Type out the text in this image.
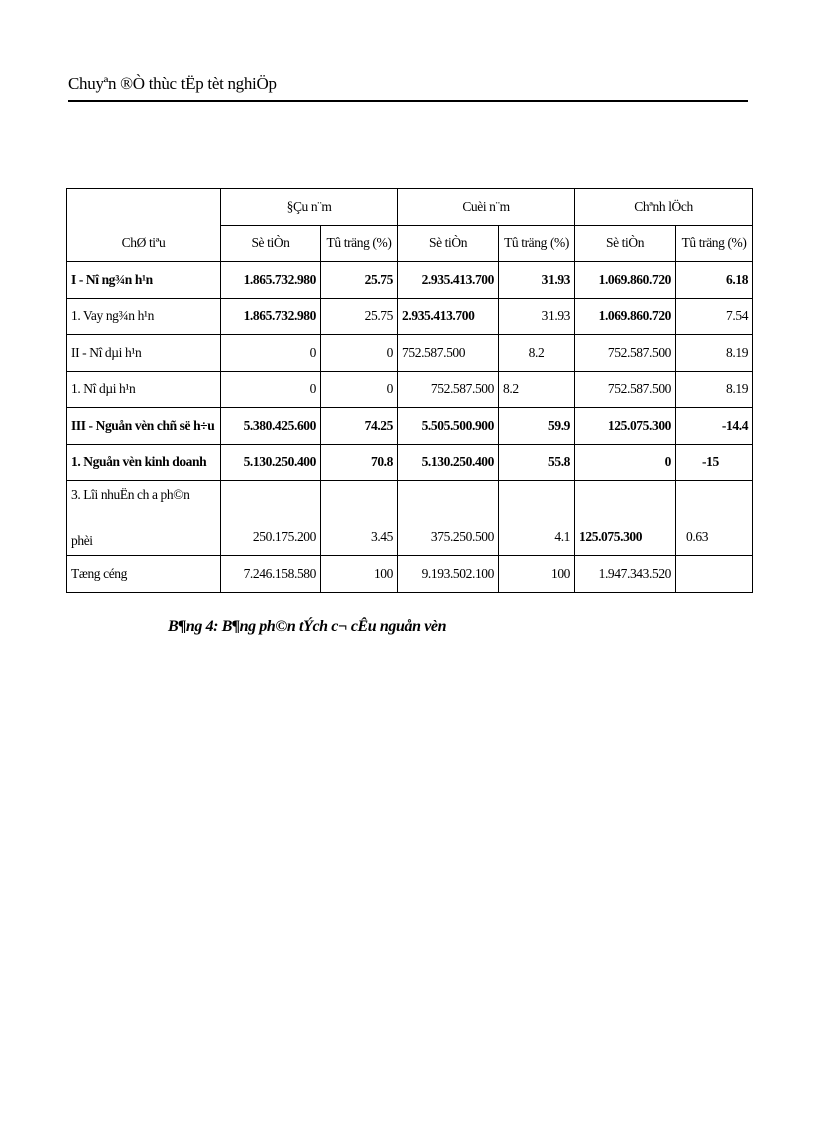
Chuyªn ®Ò thùc tËp tèt nghiÖp
ChØ tiªu	§Çu n¨m		Cuèi n¨m		Chªnh lÖch	
	Sè tiÒn	Tû träng (%)	Sè tiÒn	Tû träng (%)	Sè tiÒn	Tû träng (%)
I - Nî ng¾n h¹n	1.865.732.980	25.75	2.935.413.700	31.93	1.069.860.720	6.18
1. Vay ng¾n h¹n	1.865.732.980	25.75	2.935.413.700	31.93	1.069.860.720	7.54
II - Nî dµi h¹n	0	0	752.587.500	8.2	752.587.500	8.19
1. Nî dµi h¹n	0	0	752.587.500	8.2	752.587.500	8.19
III - Nguån vèn chñ së h÷u	5.380.425.600	74.25	5.505.500.900	59.9	125.075.300	-14.4
1. Nguån vèn kinh doanh	5.130.250.400	70.8	5.130.250.400	55.8	0	-15

3. Lîi nhuËn ch a ph©n
phèi	250.175.200	3.45	375.250.500	4.1	125.075.300	0.63
Tæng céng	7.246.158.580	100	9.193.502.100	100	1.947.343.520	
B¶ng 4: B¶ng ph©n tÝch c¬ cÊu nguån vèn
